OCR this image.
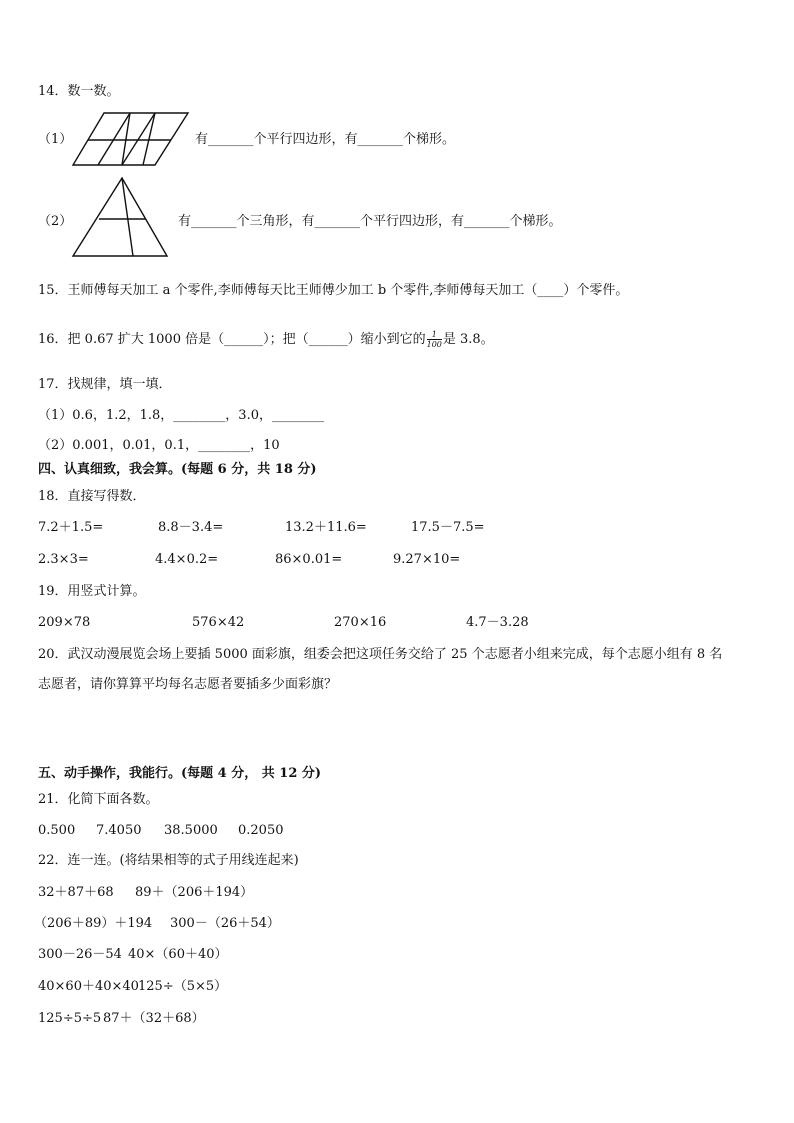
14．数一数。
（1）	有_______个平行四边形，有_______个梯形。
（2）	有_______个三角形，有_______个平行四边形，有_______个梯形。
15．王师傅每天加工 a 个零件,李师傅每天比王师傅少加工 b 个零件,李师傅每天加工（____）个零件。
16．把 0.67 扩大 1000 倍是（______）；把（______）缩小到它的 $\frac{1}{100}$ 是 3.8。
17．找规律，填一填．
（1）0.6，1.2，1.8，________，3.0，________
（2）0.001，0.01，0.1，________，10
四、认真细致，我会算。(每题 6 分，共 18 分)
18．直接写得数．
7.2＋1.5=	8.8－3.4=	13.2＋11.6=	17.5－7.5=
2.3×3=	4.4×0.2=	86×0.01=	9.27×10=
19．用竖式计算。
209×78	576×42	270×16	4.7－3.28
20．武汉动漫展览会场上要插 5000 面彩旗，组委会把这项任务交给了 25 个志愿者小组来完成，每个志愿小组有 8 名
志愿者，请你算算平均每名志愿者要插多少面彩旗？
五、动手操作，我能行。(每题 4 分， 共 12 分)
21．化简下面各数。
0.500 7.4050 38.5000 0.2050
22．连一连。(将结果相等的式子用线连起来)
32＋87＋68 89＋（206＋194）
（206＋89）＋194 300－（26＋54）
300－26－54 40×（60＋40）
40×60＋40×40 125÷（5×5）
125÷5÷5 87＋（32＋68）
